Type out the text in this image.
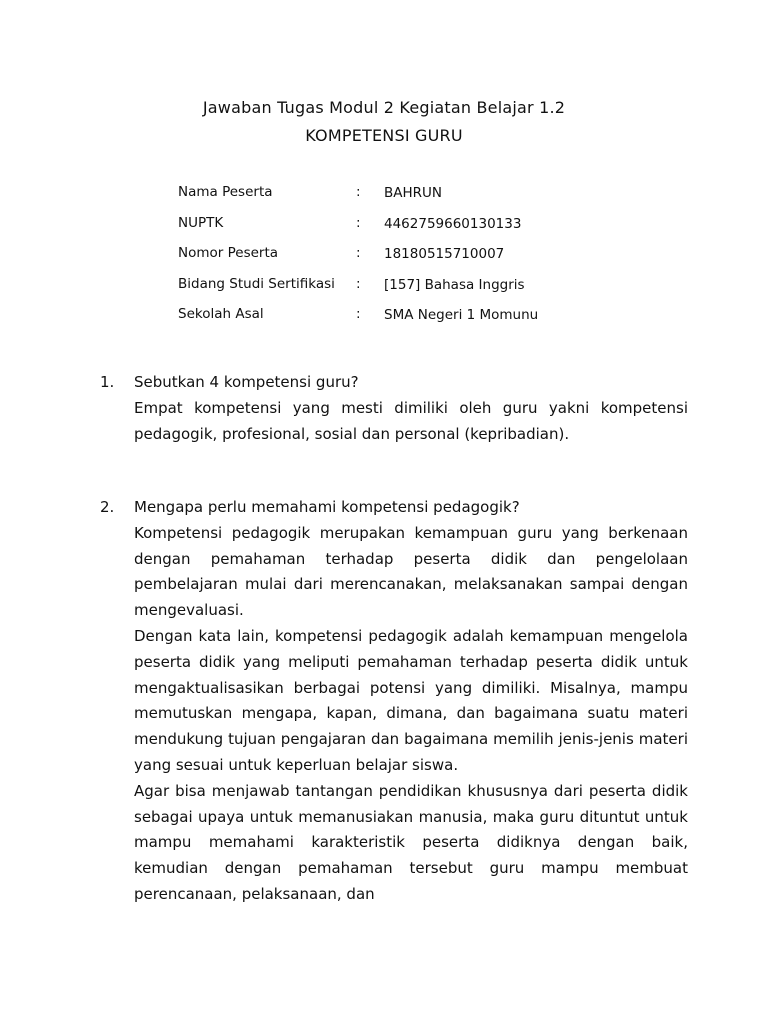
Jawaban Tugas Modul 2 Kegiatan Belajar 1.2
KOMPETENSI GURU
Nama Peserta	: BAHRUN
NUPTK	: 4462759660130133
Nomor Peserta	: 18180515710007
Bidang Studi Sertifikasi : [157] Bahasa Inggris
Sekolah Asal	: SMA Negeri 1 Momunu
1. Sebutkan 4 kompetensi guru?

Empat kompetensi yang mesti dimiliki oleh guru yakni kompetensi pedagogik, profesional, sosial dan personal (kepribadian).

2. Mengapa perlu memahami kompetensi pedagogik?

Kompetensi pedagogik merupakan kemampuan guru yang berkenaan dengan pemahaman terhadap peserta didik dan pengelolaan pembelajaran mulai dari merencanakan, melaksanakan sampai dengan mengevaluasi.

Dengan kata lain, kompetensi pedagogik adalah kemampuan mengelola peserta didik yang meliputi pemahaman terhadap peserta didik untuk mengaktualisasikan berbagai potensi yang dimiliki. Misalnya, mampu memutuskan mengapa, kapan, dimana, dan bagaimana suatu materi mendukung tujuan pengajaran dan bagaimana memilih jenis-jenis materi yang sesuai untuk keperluan belajar siswa.

Agar bisa menjawab tantangan pendidikan khususnya dari peserta didik sebagai upaya untuk memanusiakan manusia, maka guru dituntut untuk mampu memahami karakteristik peserta didiknya dengan baik, kemudian dengan pemahaman tersebut guru mampu membuat perencanaan, pelaksanaan, dan
